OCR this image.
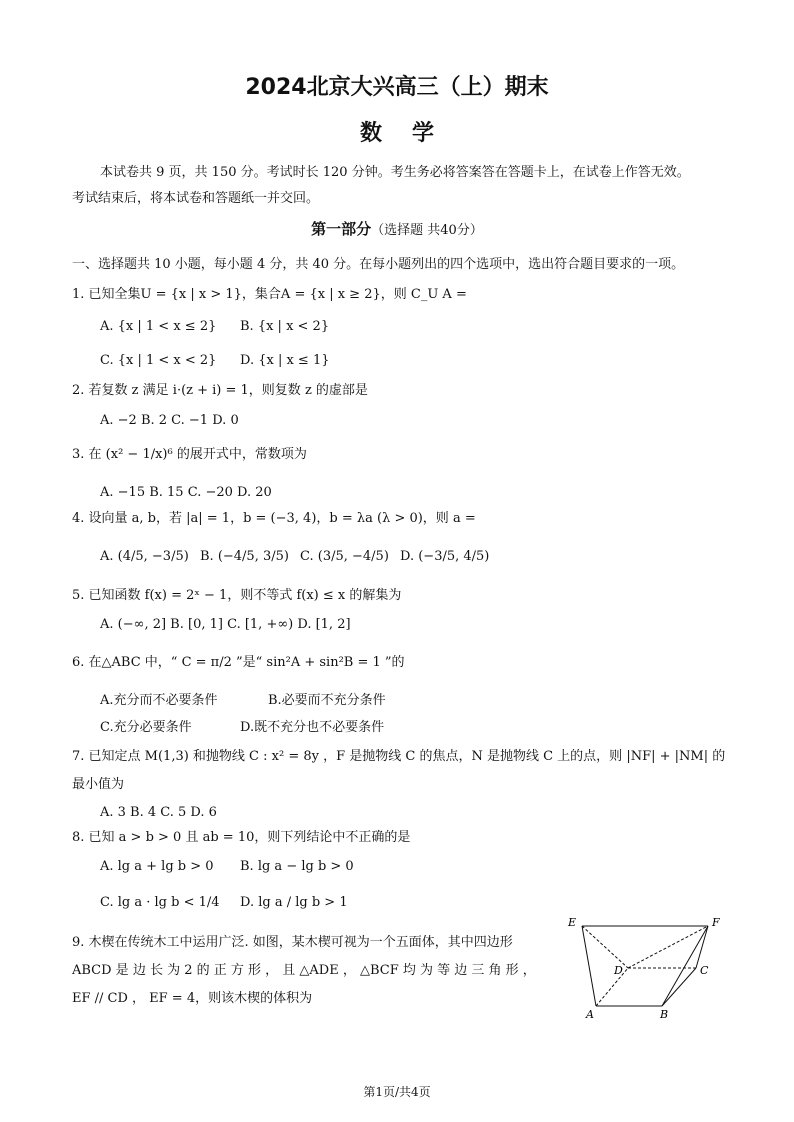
2024北京大兴高三（上）期末
数学
本试卷共 9 页，共 150 分。考试时长 120 分钟。考生务必将答案答在答题卡上，在试卷上作答无效。
考试结束后，将本试卷和答题纸一并交回。
第一部分（选择题 共40分）
一、选择题共 10 小题，每小题 4 分，共 40 分。在每小题列出的四个选项中，选出符合题目要求的一项。
1. 已知全集U = {x | x > 1}，集合A = {x | x ≥ 2}，则 C_U A =
A. {x | 1 < x ≤ 2} B. {x | x < 2}
C. {x | 1 < x < 2} D. {x | x ≤ 1}
2. 若复数 z 满足 i·(z + i) = 1，则复数 z 的虚部是
A. −2 B. 2 C. −1 D. 0
3. 在 (x² − 1/x)⁶ 的展开式中，常数项为
A. −15 B. 15 C. −20 D. 20
4. 设向量 a, b，若 |a| = 1，b = (−3, 4)，b = λa (λ > 0)，则 a =
A. (4/5, −3/5) B. (−4/5, 3/5) C. (3/5, −4/5) D. (−3/5, 4/5)
5. 已知函数 f(x) = 2ˣ − 1，则不等式 f(x) ≤ x 的解集为
A. (−∞, 2] B. [0, 1] C. [1, +∞) D. [1, 2]
6. 在△ABC 中，“ C = π/2 ”是“ sin²A + sin²B = 1 ”的
A.充分而不必要条件	B.必要而不充分条件
C.充分必要条件	D.既不充分也不必要条件
7. 已知定点 M(1,3) 和抛物线 C : x² = 8y ，F 是抛物线 C 的焦点，N 是抛物线 C 上的点，则 |NF| + |NM| 的
最小值为
A. 3 B. 4 C. 5 D. 6
8. 已知 a > b > 0 且 ab = 10，则下列结论中不正确的是
A. lg a + lg b > 0 B. lg a − lg b > 0
C. lg a · lg b < 1/4 D. lg a / lg b > 1
9. 木楔在传统木工中运用广泛. 如图，某木楔可视为一个五面体，其中四边形
ABCD 是 边 长 为 2 的 正 方 形 ， 且 △ADE ， △BCF 均 为 等 边 三 角 形 ，
EF // CD ， EF = 4，则该木楔的体积为
E	F
D	C
A	B
第1页/共4页
